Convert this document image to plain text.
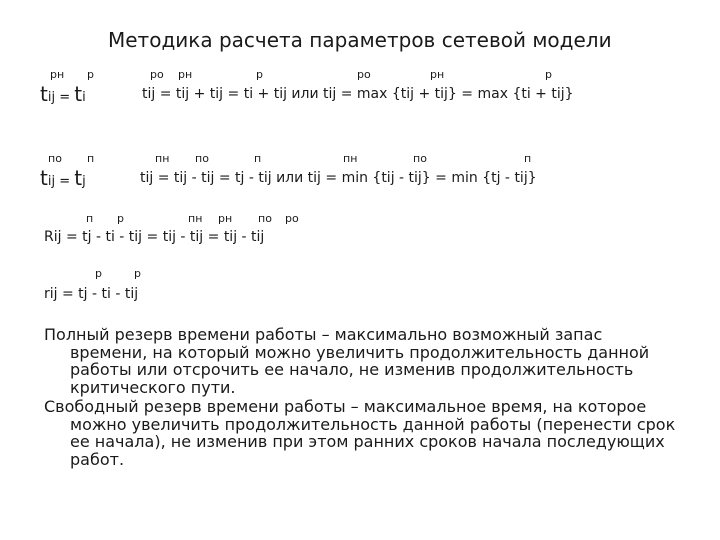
Методика расчета параметров сетевой модели
рн р
tij = ti
ро рн	р	ро	рн	р
tij = tij + tij = ti + tij или tij = max {tij + tij} = max {ti + tij}
по п
tij = tj
пн по	п	пн	по	п
tij = tij - tij = tj - tij или tij = min {tij - tij} = min {tj - tij}
п р	пн рн по ро
Rij = tj - ti - tij = tij - tij = tij - tij
р	р
rij = tj - ti - tij
Полный резерв времени работы – максимально возможный запас
времени, на который можно увеличить продолжительность данной работы или отсрочить ее начало, не изменив продолжительность критического пути.
Свободный резерв времени работы – максимальное время, на которое
можно увеличить продолжительность данной работы (перенести срок ее начала), не изменив при этом ранних сроков начала последующих работ.
